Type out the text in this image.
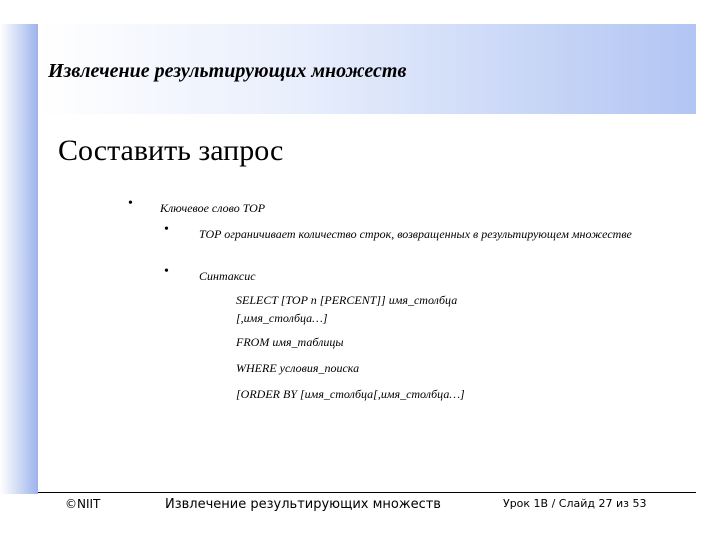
Извлечение результирующих множеств
Составить запрос
• Ключевое слово TOP
•	TOP ограничивает количество строк, возвращенных в результирующем множестве
•	Синтаксис
SELECT [TOP n [PERCENT]] имя_столбца
[,имя_столбца…]
FROM имя_таблицы
WHERE условия_поиска
[ORDER BY [имя_столбца[,имя_столбца…]
©NIIT	Извлечение результирующих множеств	Урок 1B / Слайд 27 из 53
